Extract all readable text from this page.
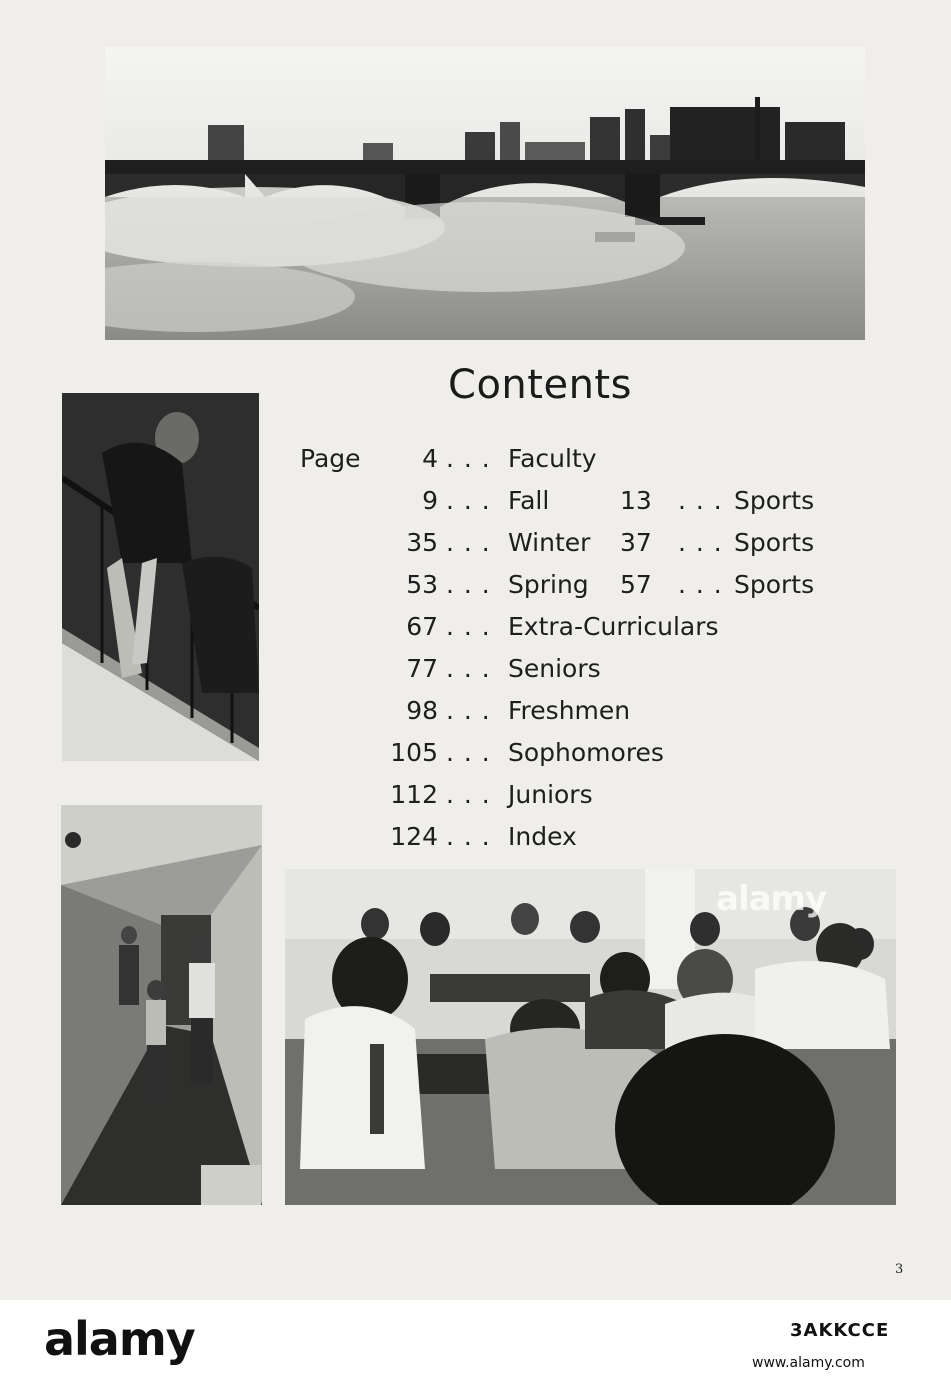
alamy
Contents
Page	4 . . . Faculty
9 . . . Fall	13 . . . Sports
35 . . . Winter 37 . . . Sports
53 . . . Spring 57 . . . Sports
67 . . . Extra-Curriculars
77 . . . Seniors
98 . . . Freshmen
105 . . . Sophomores
112 . . . Juniors
124 . . . Index
3
alamy	3AKKCCE
www.alamy.com
